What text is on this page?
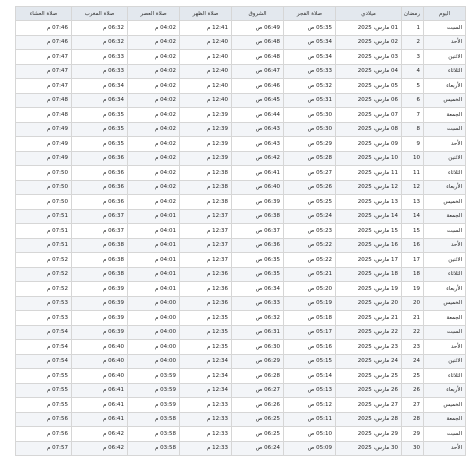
اليوم	رمضان	ميلادي	صلاة الفجر	الشروق	صلاة الظهر	صلاة العصر	صلاة المغرب	صلاة العشاء
السبت	1	01 مارس، 2025	05:35 ص	06:49 ص	12:41 م	04:02 م	06:32 م	07:46 م
الأحد	2	02 مارس، 2025	05:34 ص	06:48 ص	12:40 م	04:02 م	06:32 م	07:46 م
الاثنين	3	03 مارس، 2025	05:34 ص	06:48 ص	12:40 م	04:02 م	06:33 م	07:47 م
الثلاثاء	4	04 مارس، 2025	05:33 ص	06:47 ص	12:40 م	04:02 م	06:33 م	07:47 م
الأربعاء	5	05 مارس، 2025	05:32 ص	06:46 ص	12:40 م	04:02 م	06:34 م	07:47 م
الخميس	6	06 مارس، 2025	05:31 ص	06:45 ص	12:40 م	04:02 م	06:34 م	07:48 م
الجمعة	7	07 مارس، 2025	05:30 ص	06:44 ص	12:39 م	04:02 م	06:35 م	07:48 م
السبت	8	08 مارس، 2025	05:30 ص	06:43 ص	12:39 م	04:02 م	06:35 م	07:49 م
الأحد	9	09 مارس، 2025	05:29 ص	06:43 ص	12:39 م	04:02 م	06:35 م	07:49 م
الاثنين	10	10 مارس، 2025	05:28 ص	06:42 ص	12:39 م	04:02 م	06:36 م	07:49 م
الثلاثاء	11	11 مارس، 2025	05:27 ص	06:41 ص	12:38 م	04:02 م	06:36 م	07:50 م
الأربعاء	12	12 مارس، 2025	05:26 ص	06:40 ص	12:38 م	04:02 م	06:36 م	07:50 م
الخميس	13	13 مارس، 2025	05:25 ص	06:39 ص	12:38 م	04:02 م	06:36 م	07:50 م
الجمعة	14	14 مارس، 2025	05:24 ص	06:38 ص	12:37 م	04:01 م	06:37 م	07:51 م
السبت	15	15 مارس، 2025	05:23 ص	06:37 ص	12:37 م	04:01 م	06:37 م	07:51 م
الأحد	16	16 مارس، 2025	05:22 ص	06:36 ص	12:37 م	04:01 م	06:38 م	07:51 م
الاثنين	17	17 مارس، 2025	05:22 ص	06:35 ص	12:37 م	04:01 م	06:38 م	07:52 م
الثلاثاء	18	18 مارس، 2025	05:21 ص	06:35 ص	12:36 م	04:01 م	06:38 م	07:52 م
الأربعاء	19	19 مارس، 2025	05:20 ص	06:34 ص	12:36 م	04:01 م	06:39 م	07:52 م
الخميس	20	20 مارس، 2025	05:19 ص	06:33 ص	12:36 م	04:00 م	06:39 م	07:53 م
الجمعة	21	21 مارس، 2025	05:18 ص	06:32 ص	12:35 م	04:00 م	06:39 م	07:53 م
السبت	22	22 مارس، 2025	05:17 ص	06:31 ص	12:35 م	04:00 م	06:39 م	07:54 م
الأحد	23	23 مارس، 2025	05:16 ص	06:30 ص	12:35 م	04:00 م	06:40 م	07:54 م
الاثنين	24	24 مارس، 2025	05:15 ص	06:29 ص	12:34 م	04:00 م	06:40 م	07:54 م
الثلاثاء	25	25 مارس، 2025	05:14 ص	06:28 ص	12:34 م	03:59 م	06:40 م	07:55 م
الأربعاء	26	26 مارس، 2025	05:13 ص	06:27 ص	12:34 م	03:59 م	06:41 م	07:55 م
الخميس	27	27 مارس، 2025	05:12 ص	06:26 ص	12:33 م	03:59 م	06:41 م	07:55 م
الجمعة	28	28 مارس، 2025	05:11 ص	06:25 ص	12:33 م	03:58 م	06:41 م	07:56 م
السبت	29	29 مارس، 2025	05:10 ص	06:25 ص	12:33 م	03:58 م	06:42 م	07:56 م
الأحد	30	30 مارس، 2025	05:09 ص	06:24 ص	12:33 م	03:58 م	06:42 م	07:57 م
